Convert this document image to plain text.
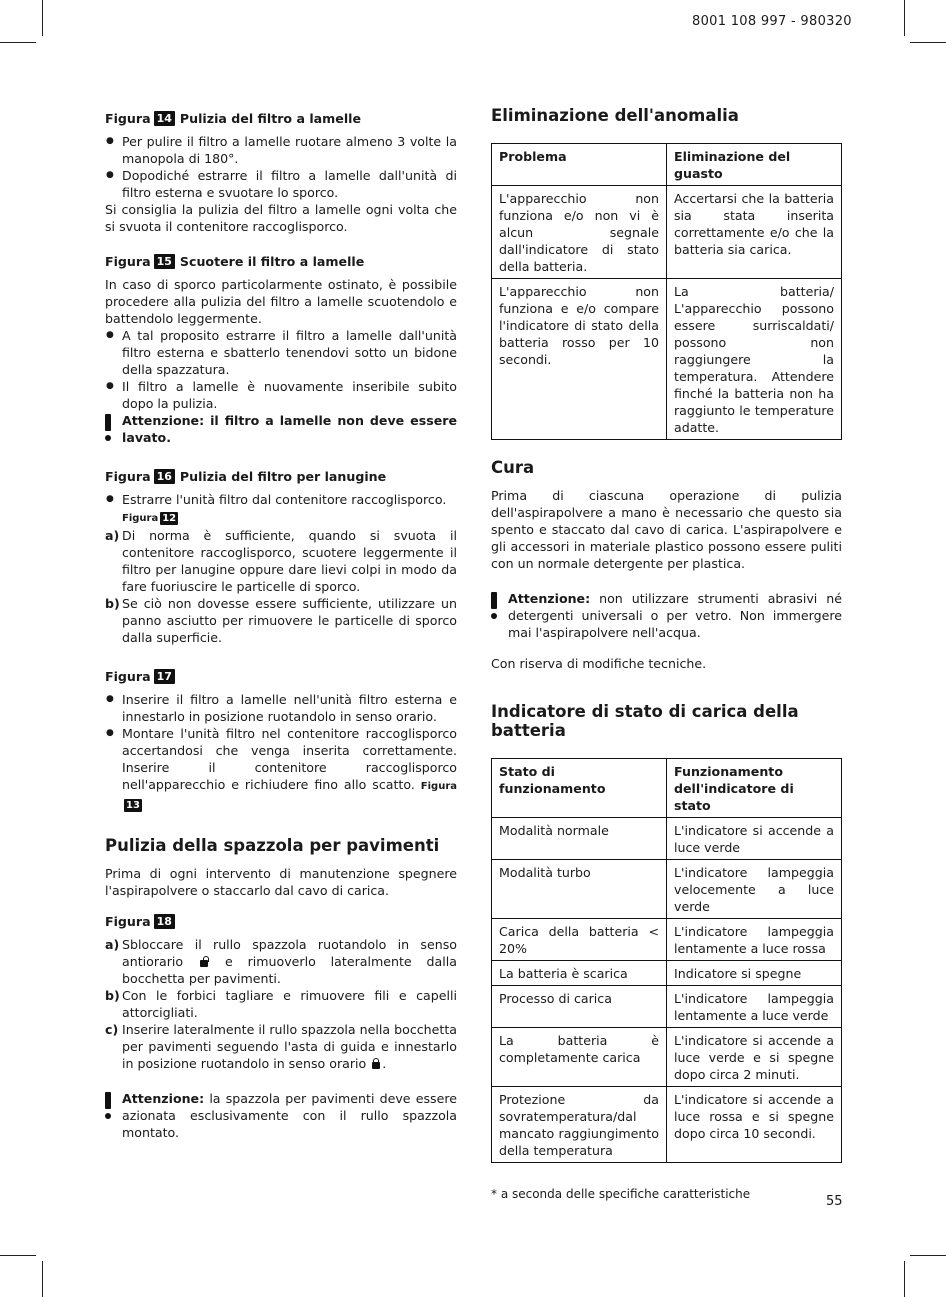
8001 108 997 - 980320
Figura 14 Pulizia del filtro a lamelle
● Per pulire il filtro a lamelle ruotare almeno 3 volte la manopola di 180°.
● Dopodiché estrarre il filtro a lamelle dall'unità di filtro esterna e svuotare lo sporco.

Si consiglia la pulizia del filtro a lamelle ogni volta che si svuota il contenitore raccoglisporco.

Figura 15 Scuotere il filtro a lamelle

In caso di sporco particolarmente ostinato, è possibile procedere alla pulizia del filtro a lamelle scuotendolo e battendolo leggermente.

● A tal proposito estrarre il filtro a lamelle dall'unità filtro esterna e sbatterlo tenendovi sotto un bidone della spazzatura.
● Il filtro a lamelle è nuovamente inseribile subito dopo la pulizia.
Attenzione: il filtro a lamelle non deve essere lavato.
Figura 16 Pulizia del filtro per lanugine
● Estrarre l'unità filtro dal contenitore raccoglisporco.
Figura 12
a) Di norma è sufficiente, quando si svuota il contenitore raccoglisporco, scuotere leggermente il filtro per lanugine oppure dare lievi colpi in modo da fare fuoriuscire le particelle di sporco.
b) Se ciò non dovesse essere sufficiente, utilizzare un panno asciutto per rimuovere le particelle di sporco dalla superficie.
Figura 17
● Inserire il filtro a lamelle nell'unità filtro esterna e innestarlo in posizione ruotandolo in senso orario.
● Montare l'unità filtro nel contenitore raccoglisporco accertandosi che venga inserita correttamente. Inserire il contenitore raccoglisporco nell'apparecchio e richiudere fino allo scatto. Figura13
Pulizia della spazzola per pavimenti

Prima di ogni intervento di manutenzione spegnere l'aspirapolvere o staccarlo dal cavo di carica.

Figura 18
a) Sbloccare il rullo spazzola ruotandolo in senso antiorario	e rimuoverlo lateralmente dalla bocchetta per pavimenti.
b) Con le forbici tagliare e rimuovere fili e capelli attorcigliati.
c) Inserire lateralmente il rullo spazzola nella bocchetta per pavimenti seguendo l'asta di guida e innestarlo in posizione ruotandolo in senso orario .
Attenzione: la spazzola per pavimenti deve essere azionata esclusivamente con il rullo spazzola montato.
Eliminazione dell'anomalia
Problema	Eliminazione del guasto
L'apparecchio non funziona e/o non vi è alcun segnale dall'indicatore di stato della batteria.	Accertarsi che la batteria sia stata inserita correttamente e/o che la batteria sia carica.
L'apparecchio non funziona e e/o compare l'indicatore di stato della batteria rosso per 10 secondi.	La batteria/ L'apparecchio possono essere surriscaldati/ possono non raggiungere la temperatura. Attendere finché la batteria non ha raggiunto le temperature adatte.
Cura

Prima di ciascuna operazione di pulizia dell'aspirapolvere a mano è necessario che questo sia spento e staccato dal cavo di carica. L'aspirapolvere e gli accessori in materiale plastico possono essere puliti con un normale detergente per plastica.

Attenzione: non utilizzare strumenti abrasivi né detergenti universali o per vetro. Non immergere mai l'aspirapolvere nell'acqua.

Con riserva di modifiche tecniche.

Indicatore di stato di carica della batteria
Stato di funzionamento	Funzionamento dell'indicatore di stato
Modalità normale	L'indicatore si accende a luce verde
Modalità turbo	L'indicatore lampeggia velocemente a luce verde
Carica della batteria < 20%	L'indicatore lampeggia lentamente a luce rossa
La batteria è scarica	Indicatore si spegne
Processo di carica	L'indicatore lampeggia lentamente a luce verde
La batteria è completamente carica	L'indicatore si accende a luce verde e si spegne dopo circa 2 minuti.
Protezione da sovratemperatura/dal mancato raggiungimento della temperatura	L'indicatore si accende a luce rossa e si spegne dopo circa 10 secondi.
* a seconda delle specifiche caratteristiche	55
